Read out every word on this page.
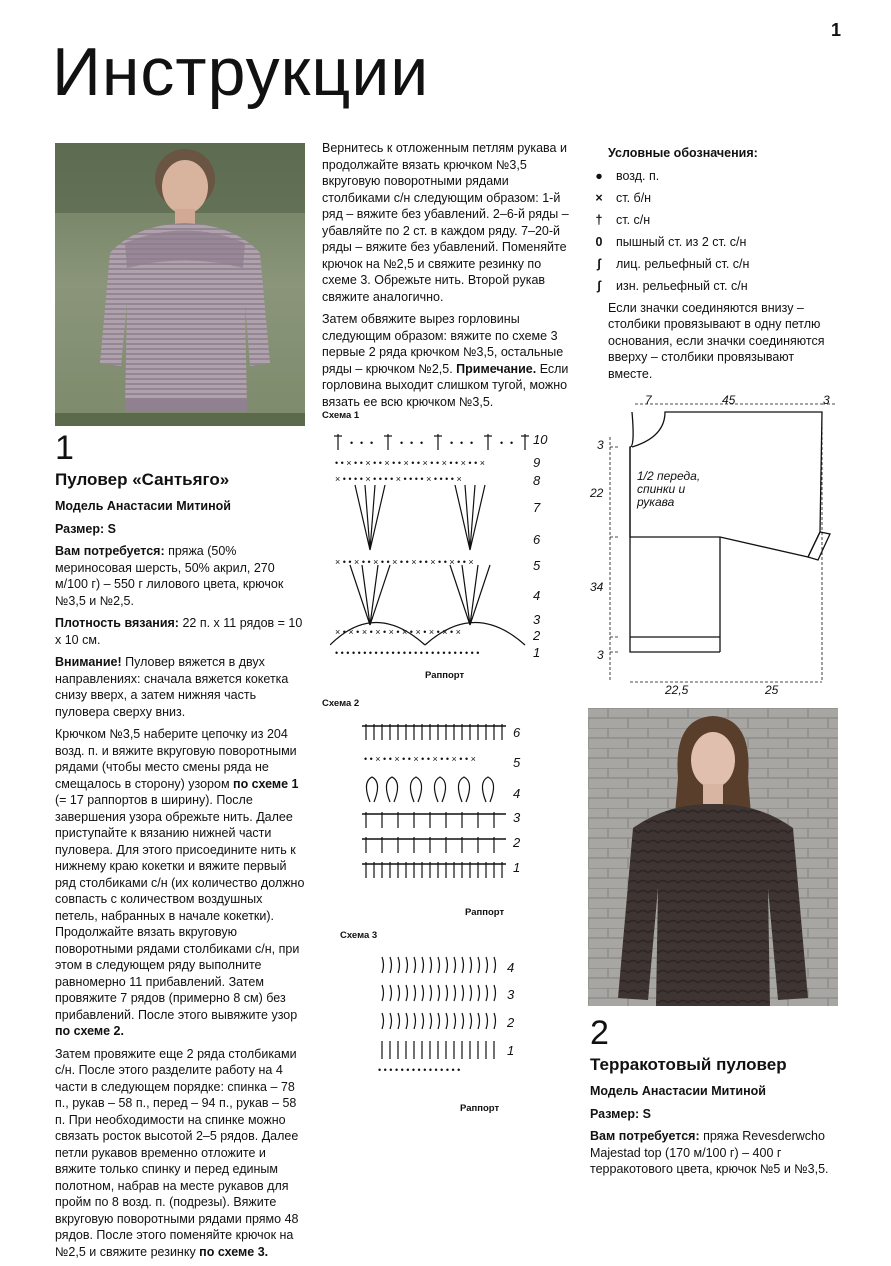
1
Инструкции
1
Пуловер «Сантьяго»

Модель Анастасии Митиной

Размер: S

Вам потребуется: пряжа (50% мериносовая шерсть, 50% акрил, 270 м/100 г) – 550 г лилового цвета, крючок №3,5 и №2,5.

Плотность вязания: 22 п. х 11 рядов = 10 х 10 см.

Внимание! Пуловер вяжется в двух направлениях: сначала вяжется кокетка снизу вверх, а затем нижняя часть пуловера сверху вниз.

Крючком №3,5 наберите цепочку из 204 возд. п. и вяжите вкруговую поворотными рядами (чтобы место смены ряда не смещалось в сторону) узором по схеме 1 (= 17 раппортов в ширину). После завершения узора обрежьте нить. Далее приступайте к вязанию нижней части пуловера. Для этого присоедините нить к нижнему краю кокетки и вяжите первый ряд столбиками с/н (их количество должно совпасть с количеством воздушных петель, набранных в начале кокетки). Продолжайте вязать вкруговую поворотными рядами столбиками с/н, при этом в следующем ряду выполните равномерно 11 прибавлений. Затем провяжите 7 рядов (примерно 8 см) без прибавлений. После этого вывяжите узор по схеме 2.

Затем провяжите еще 2 ряда столбиками с/н. После этого разделите работу на 4 части в следующем порядке: спинка – 78 п., рукав – 58 п., перед – 94 п., рукав – 58 п. При необходимости на спинке можно связать росток высотой 2–5 рядов. Далее петли рукавов временно отложите и вяжите только спинку и перед единым полотном, набрав на месте рукавов для пройм по 8 возд. п. (подрезы). Вяжите вкруговую поворотными рядами прямо 48 рядов. После этого поменяйте крючок на №2,5 и свяжите резинку по схеме 3.

Вернитесь к отложенным петлям рукава и продолжайте вязать крючком №3,5 вкруговую поворотными рядами столбиками с/н следующим образом: 1-й ряд – вяжите без убавлений. 2–6-й ряды – убавляйте по 2 ст. в каждом ряду. 7–20-й ряды – вяжите без убавлений. Поменяйте крючок на №2,5 и свяжите резинку по схеме 3. Обрежьте нить. Второй рукав свяжите аналогично.

Затем обвяжите вырез горловины следующим образом: вяжите по схеме 3 первые 2 ряда крючком №3,5, остальные ряды – крючком №2,5. Примечание. Если горловина выходит слишком тугой, можно вязать ее всю крючком №3,5.

Схема 1
• • •	• • •	• • •	• •
• • × • • × • • × • • × • • × • • × • • × • • ×
× • • • • × • • • • × • • • • × • • • • ×
× • • × • • × • • × • • × • • × • • × • • ×
× • × • × • × • × • × • × • × • × • ×
• • • • • • • • • • • • • • • • • • • • • • • • • •
10
9
8
7
6
5
4
3
2
1
Раппорт
Схема 2
• • × • • × • • × • • × • • × • • ×
6
5
4
3
2
1
Раппорт
Схема 3
• • • • • • • • • • • • • • •
4
3
2
1
Раппорт
Условные обозначения:
●	возд. п.
×	ст. б/н
†	ст. с/н
0	пышный ст. из 2 ст. с/н
ʃ	лиц. рельефный ст. с/н
ʃ	изн. рельефный ст. с/н

Если значки соединяются внизу – столбики провязывают в одну петлю основания, если значки соединяются вверху – столбики провязывают вместе.

7	45	3
3
22
34
3
22,5	25
1/2 переда, спинки и рукава
2
Терракотовый пуловер

Модель Анастасии Митиной

Размер: S

Вам потребуется: пряжа Revesderwcho Majestad top (170 м/100 г) – 400 г терракотового цвета, крючок №5 и №3,5.
